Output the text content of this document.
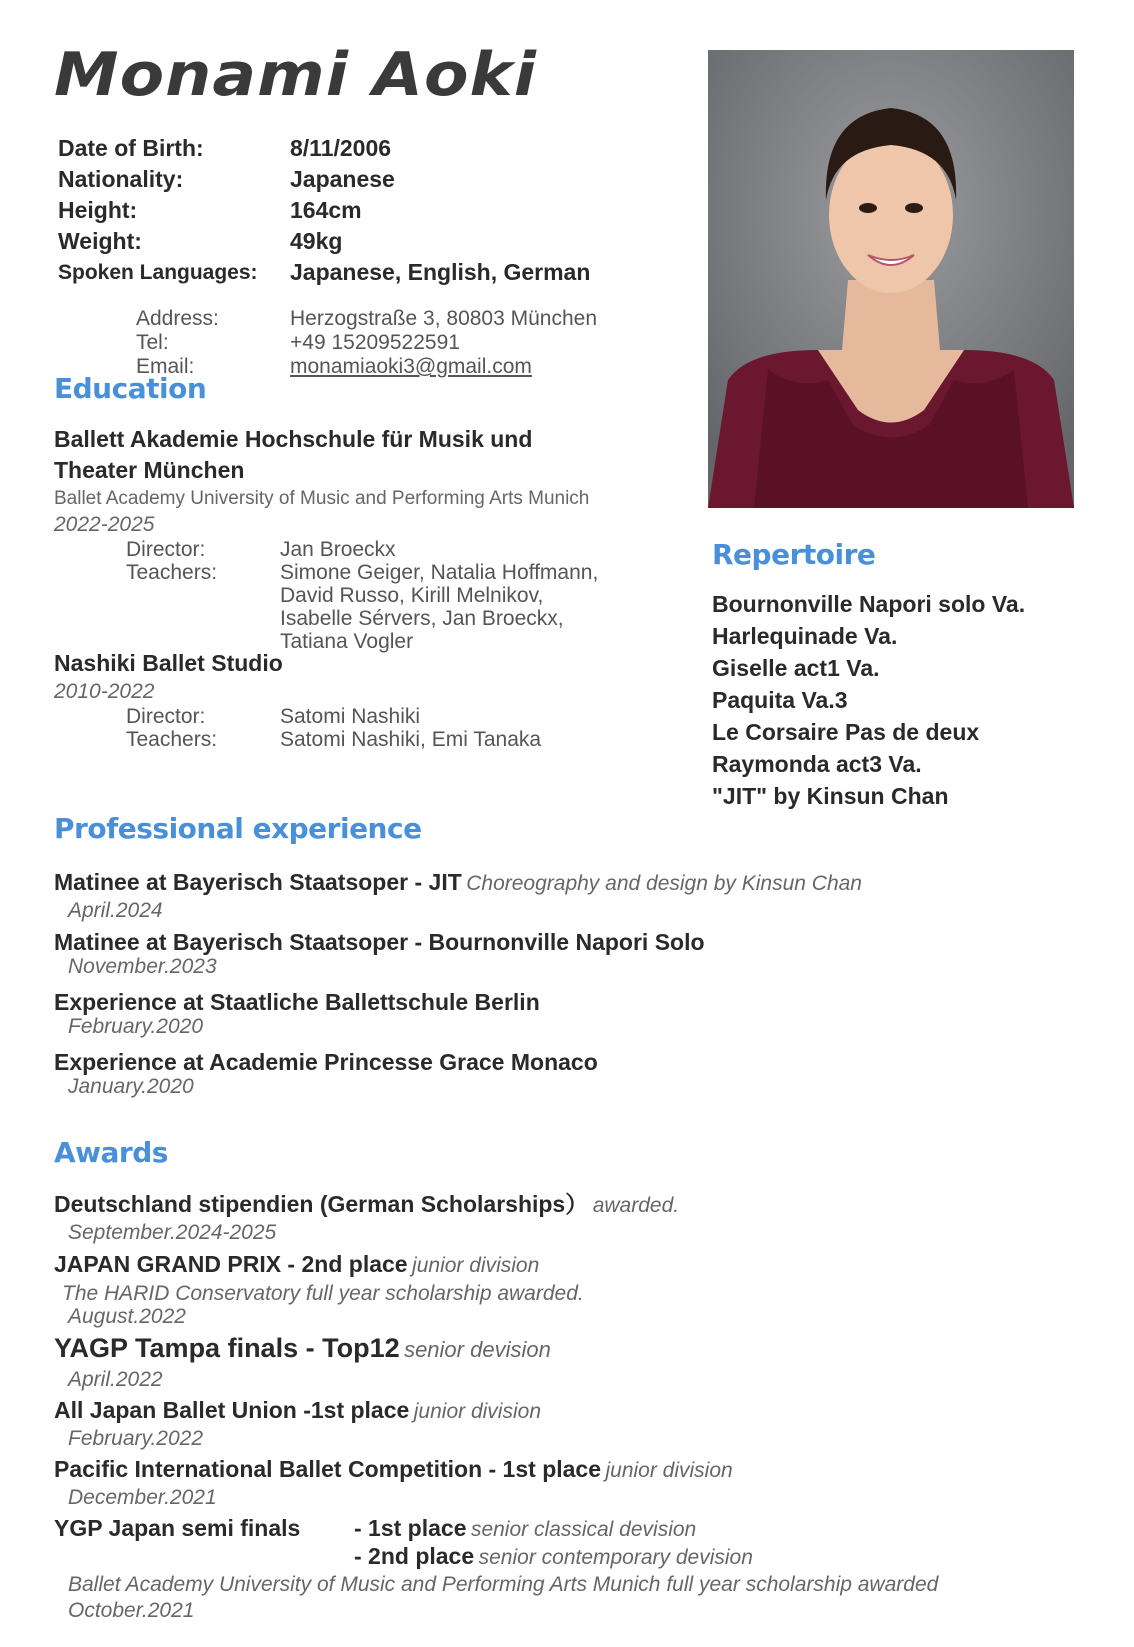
Monami Aoki
Date of Birth:	8/11/2006
Nationality:	Japanese
Height:	164cm
Weight:	49kg
Spoken Languages:	Japanese, English, German
Address:	Herzogstraße 3, 80803 München
Tel:	+49 15209522591
Email:	monamiaoki3@gmail.com
Education
Ballett Akademie Hochschule für Musik und
Theater München
Ballet Academy University of Music and Performing Arts Munich
2022-2025
Director:	Jan Broeckx
Teachers:	Simone Geiger, Natalia Hoffmann,
David Russo, Kirill Melnikov,
Isabelle Sérvers, Jan Broeckx,
Tatiana Vogler
Nashiki Ballet Studio
2010-2022
Director:	Satomi Nashiki
Teachers:	Satomi Nashiki, Emi Tanaka
Repertoire
Bournonville Napori solo Va.
Harlequinade Va.
Giselle act1 Va.
Paquita Va.3
Le Corsaire Pas de deux
Raymonda act3 Va.
"JIT" by Kinsun Chan
Professional experience
Matinee at Bayerisch Staatsoper - JIT Choreography and design by Kinsun Chan
April.2024
Matinee at Bayerisch Staatsoper - Bournonville Napori Solo
November.2023
Experience at Staatliche Ballettschule Berlin
February.2020
Experience at Academie Princesse Grace Monaco
January.2020
Awards
Deutschland stipendien (German Scholarships） awarded.
September.2024-2025
JAPAN GRAND PRIX - 2nd place junior division
The HARID Conservatory full year scholarship awarded.
August.2022
YAGP Tampa finals - Top12 senior devision
April.2022
All Japan Ballet Union -1st place junior division
February.2022
Pacific International Ballet Competition - 1st place junior division
December.2021
YGP Japan semi finals - 1st place senior classical devision
- 2nd place senior contemporary devision
Ballet Academy University of Music and Performing Arts Munich full year scholarship awarded
October.2021
